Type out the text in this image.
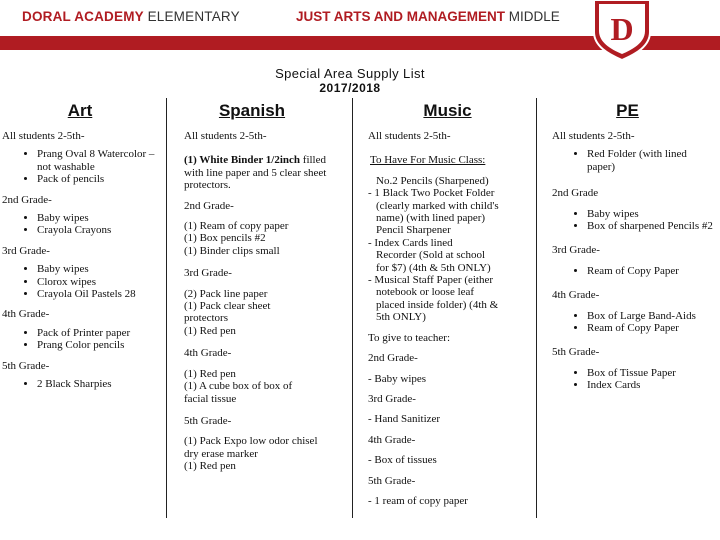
DORAL ACADEMY ELEMENTARY	JUST ARTS AND MANAGEMENT MIDDLE D
Special Area Supply List
2017/2018
Art

All students 2-5th-

• Prang Oval 8 Watercolor – not washable
• Pack of pencils

2nd Grade-

• Baby wipes
• Crayola Crayons

3rd Grade-

• Baby wipes
• Clorox wipes
• Crayola Oil Pastels 28

4th Grade-

• Pack of Printer paper
• Prang Color pencils

5th Grade-

• 2 Black Sharpies
Spanish

All students 2-5th-

(1) White Binder 1/2inch filled with line paper and 5 clear sheet protectors.

2nd Grade-

(1) Ream of copy paper
(1) Box pencils #2
(1) Binder clips small

3rd Grade-

(2) Pack line paper
(1) Pack clear sheet protectors
(1) Red pen

4th Grade-

(1) Red pen
(1) A cube box of box of facial tissue

5th Grade-

(1) Pack Expo low odor chisel dry erase marker
(1) Red pen
Music

All students 2-5th-

To Have For Music Class:

No.2 Pencils (Sharpened)
- 1 Black Two Pocket Folder
(clearly marked with child's
name) (with lined paper)
Pencil Sharpener
- Index Cards lined
Recorder (Sold at school
for $7) (4th & 5th ONLY)
- Musical Staff Paper (either
notebook or loose leaf
placed inside folder) (4th &
5th ONLY)

To give to teacher:

2nd Grade-

- Baby wipes

3rd Grade-

- Hand Sanitizer

4th Grade-

- Box of tissues

5th Grade-

- 1 ream of copy paper

PE

All students 2-5th-

• Red Folder (with lined paper)

2nd Grade

• Baby wipes
• Box of sharpened Pencils #2

3rd Grade-

• Ream of Copy Paper

4th Grade-

• Box of Large Band-Aids
• Ream of Copy Paper

5th Grade-

• Box of Tissue Paper
• Index Cards
